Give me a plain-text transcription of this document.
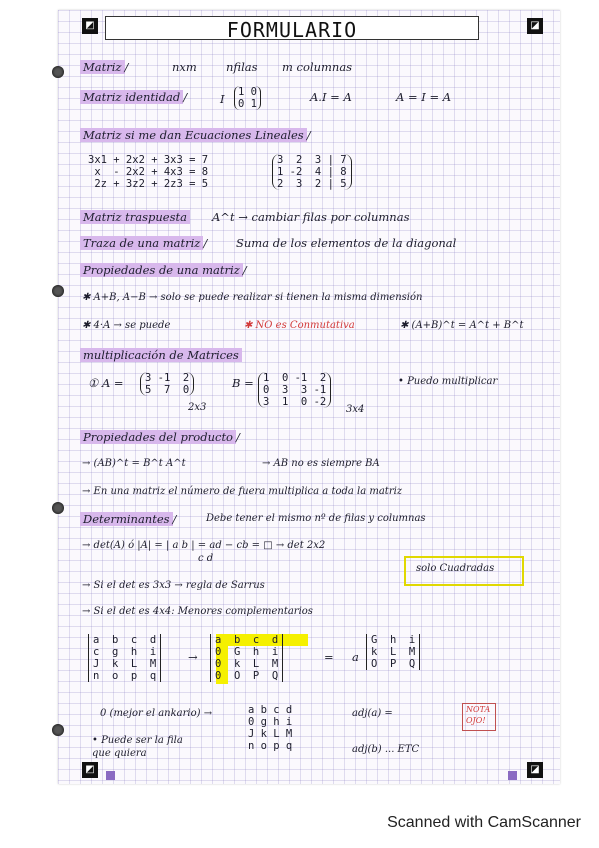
◩	◪
◩	◪
FORMULARIO
Matriz /	nxm	nfilas m columnas
Matriz identidad /	I	1 0
0 1	A.I = A	A = I = A
Matriz si me dan Ecuaciones Lineales /
3x1 + 2x2 + 3x3 = 7
x  - 2x2 + 4x3 = 8
2z + 3z2 + 2z3 = 5
3  2  3 | 7
1 -2  4 | 8
2  3  2 | 5
Matriz traspuesta A^t → cambiar filas por columnas
Traza de una matriz /	Suma de los elementos de la diagonal
Propiedades de una matriz /
✱ A+B, A−B → solo se puede realizar si tienen la misma dimensión
✱ 4·A → se puede	✱ NO es Conmutativa	✱ (A+B)^t = A^t + B^t
multiplicación de Matrices
① A =	3 -1  2
5  7  0
2x3
B = 1  0 -1  2
0  3  3 -1
3  1  0 -2
3x4
• Puedo multiplicar
Propiedades del producto /
→ (AB)^t = B^t A^t	→ AB no es siempre BA
→ En una matriz el número de fuera multiplica a toda la matriz
Determinantes /	Debe tener el mismo nº de filas y columnas
→ det(A) ó |A| = | a b | = ad − cb = □ → det 2x2
c d
→ Si el det es 3x3 → regla de Sarrus
solo Cuadradas
→ Si el det es 4x4: Menores complementarios
a  b  c  d
c  g  h  i
J  k  L  M
n  o  p  q
→
a  b  c  d
0  G  h  i
0  k  L  M
0  O  P  Q
= a
G  h  i
k  L  M
O  P  Q
0 (mejor el ankario) →
• Puede ser la fila que quiera
a b c d
0 g h i
J k L M
n o p q
adj(a) =
adj(b) ... ETC
NOTA OJO!
Scanned with CamScanner
